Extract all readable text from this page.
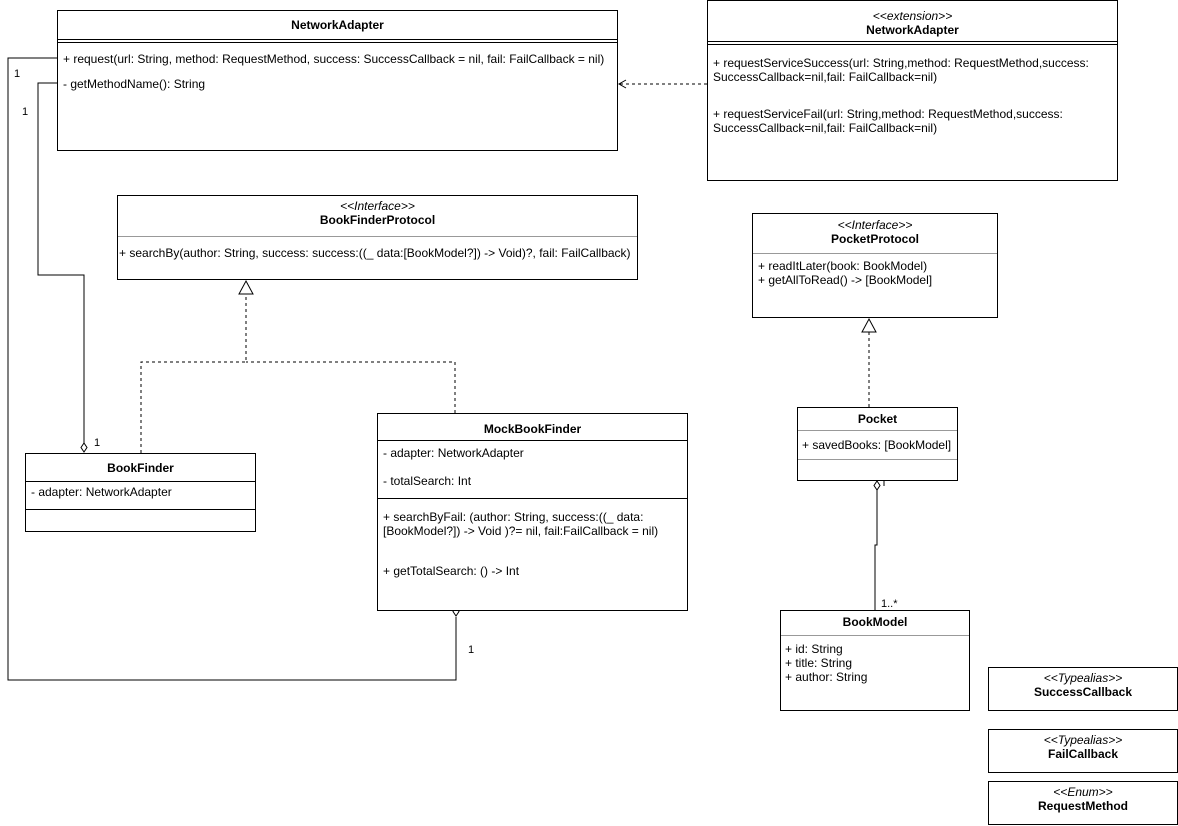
1
1
1
1
1..*
NetworkAdapter
+ request(url: String, method: RequestMethod, success: SuccessCallback = nil, fail: FailCallback = nil)
- getMethodName(): String
<<extension>>
NetworkAdapter
+ requestServiceSuccess(url: String,method: RequestMethod,success: SuccessCallback=nil,fail: FailCallback=nil)
+ requestServiceFail(url: String,method: RequestMethod,success: SuccessCallback=nil,fail: FailCallback=nil)
<<Interface>>
BookFinderProtocol
+ searchBy(author: String, success: success:((_ data:[BookModel?]) -> Void)?, fail: FailCallback)
<<Interface>>
PocketProtocol
+ readItLater(book: BookModel)
+ getAllToRead() -> [BookModel]
BookFinder
- adapter: NetworkAdapter
MockBookFinder
- adapter: NetworkAdapter
- totalSearch: Int
+ searchByFail: (author: String, success:((_ data: [BookModel?]) -> Void )?= nil, fail:FailCallback = nil)
+ getTotalSearch: () -> Int
Pocket
+ savedBooks: [BookModel]
BookModel
+ id: String
+ title: String
+ author: String	<<Typealias>>
SuccessCallback
<<Typealias>>
FailCallback
<<Enum>>
RequestMethod
